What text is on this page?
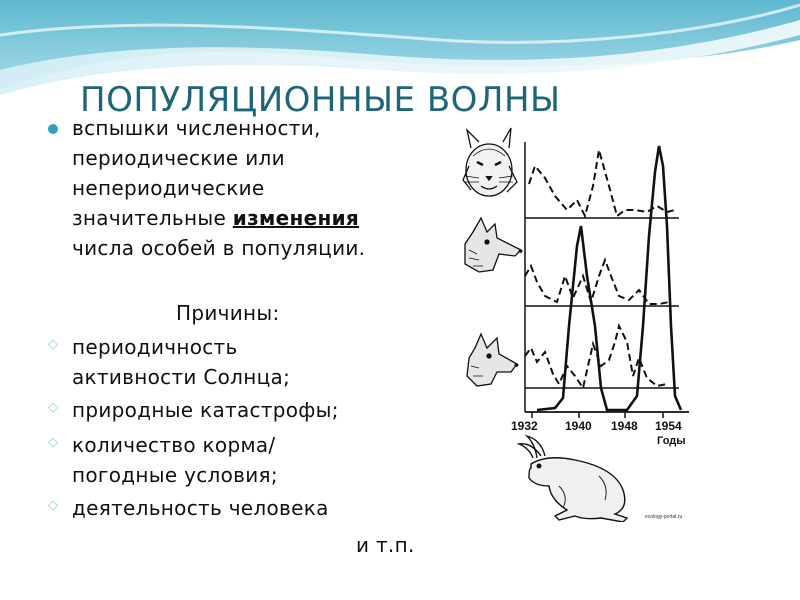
ПОПУЛЯЦИОННЫЕ ВОЛНЫ
вспышки численности,
периодические или
непериодические
значительные изменения
числа особей в популяции.
Причины:
◇ периодичность
активности Солнца;
◇ природные катастрофы;
◇ количество корма/
погодные условия;
◇ деятельность человека
и т.п.
1932 1940 1948 1954
Годы
ecology-portal.ru
